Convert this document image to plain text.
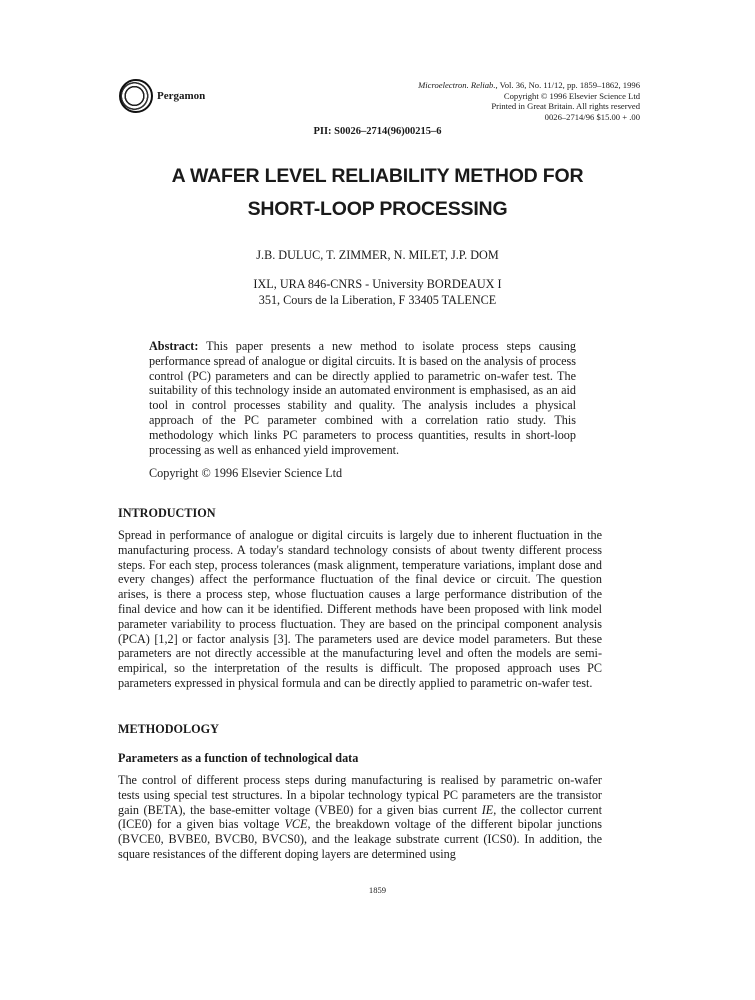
Pergamon
Microelectron. Reliab., Vol. 36, No. 11/12, pp. 1859–1862, 1996
Copyright © 1996 Elsevier Science Ltd
Printed in Great Britain. All rights reserved
0026–2714/96 $15.00 + .00
PII: S0026–2714(96)00215–6
A WAFER LEVEL RELIABILITY METHOD FOR
SHORT-LOOP PROCESSING
J.B. DULUC, T. ZIMMER, N. MILET, J.P. DOM
IXL, URA 846-CNRS - University BORDEAUX I
351, Cours de la Liberation, F 33405 TALENCE
Abstract: This paper presents a new method to isolate process steps causing performance spread of analogue or digital circuits. It is based on the analysis of process control (PC) parameters and can be directly applied to parametric on-wafer test. The suitability of this technology inside an automated environment is emphasised, as an aid tool in control processes stability and quality. The analysis includes a physical approach of the PC parameter combined with a correlation ratio study. This methodology which links PC parameters to process quantities, results in short-loop processing as well as enhanced yield improvement.
Copyright © 1996 Elsevier Science Ltd
INTRODUCTION
Spread in performance of analogue or digital circuits is largely due to inherent fluctuation in the manufacturing process. A today's standard technology consists of about twenty different process steps. For each step, process tolerances (mask alignment, temperature variations, implant dose and every changes) affect the performance fluctuation of the final device or circuit. The question arises, is there a process step, whose fluctuation causes a large performance distribution of the final device and how can it be identified. Different methods have been proposed with link model parameter variability to process fluctuation. They are based on the principal component analysis (PCA) [1,2] or factor analysis [3]. The parameters used are device model parameters. But these parameters are not directly accessible at the manufacturing level and often the models are semi-empirical, so the interpretation of the results is difficult. The proposed approach uses PC parameters expressed in physical formula and can be directly applied to parametric on-wafer test.
METHODOLOGY
Parameters as a function of technological data
The control of different process steps during manufacturing is realised by parametric on-wafer tests using special test structures. In a bipolar technology typical PC parameters are the transistor gain (BETA), the base-emitter voltage (VBE0) for a given bias current IE, the collector current (ICE0) for a given bias voltage VCE, the breakdown voltage of the different bipolar junctions (BVCE0, BVBE0, BVCB0, BVCS0), and the leakage substrate current (ICS0). In addition, the square resistances of the different doping layers are determined using
1859
